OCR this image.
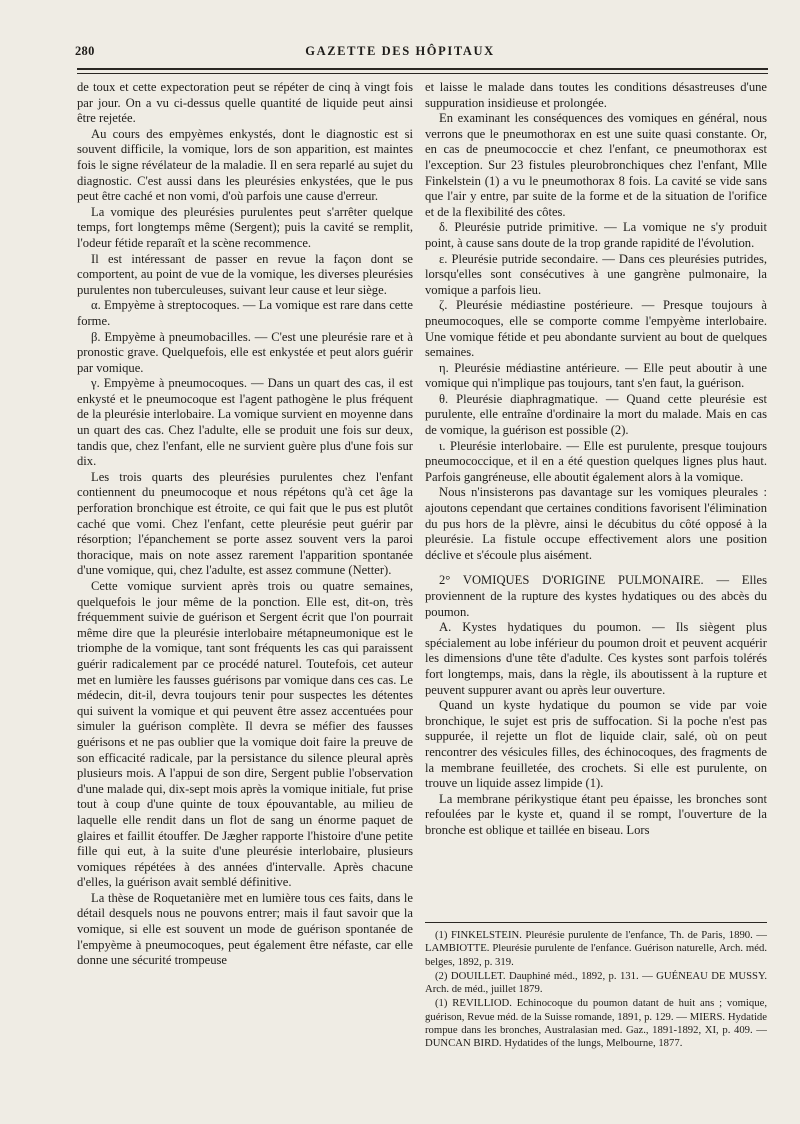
280	GAZETTE DES HÔPITAUX

de toux et cette expectoration peut se répéter de cinq à vingt fois par jour. On a vu ci-dessus quelle quantité de liquide peut ainsi être rejetée.

Au cours des empyèmes enkystés, dont le diagnostic est si souvent difficile, la vomique, lors de son apparition, est maintes fois le signe révélateur de la maladie. Il en sera reparlé au sujet du diagnostic. C'est aussi dans les pleurésies enkystées, que le pus peut être caché et non vomi, d'où parfois une cause d'erreur.

La vomique des pleurésies purulentes peut s'arrêter quelque temps, fort longtemps même (Sergent); puis la cavité se remplit, l'odeur fétide reparaît et la scène recommence.

Il est intéressant de passer en revue la façon dont se comportent, au point de vue de la vomique, les diverses pleurésies purulentes non tuberculeuses, suivant leur cause et leur siège.

α. Empyème à streptocoques. — La vomique est rare dans cette forme.

β. Empyème à pneumobacilles. — C'est une pleurésie rare et à pronostic grave. Quelquefois, elle est enkystée et peut alors guérir par vomique.

γ. Empyème à pneumocoques. — Dans un quart des cas, il est enkysté et le pneumocoque est l'agent pathogène le plus fréquent de la pleurésie interlobaire. La vomique survient en moyenne dans un quart des cas. Chez l'adulte, elle se produit une fois sur deux, tandis que, chez l'enfant, elle ne survient guère plus d'une fois sur dix.

Les trois quarts des pleurésies purulentes chez l'enfant contiennent du pneumocoque et nous répétons qu'à cet âge la perforation bronchique est étroite, ce qui fait que le pus est plutôt caché que vomi. Chez l'enfant, cette pleurésie peut guérir par résorption; l'épanchement se porte assez souvent vers la paroi thoracique, mais on note assez rarement l'apparition spontanée d'une vomique, qui, chez l'adulte, est assez commune (Netter).

Cette vomique survient après trois ou quatre semaines, quelquefois le jour même de la ponction. Elle est, dit-on, très fréquemment suivie de guérison et Sergent écrit que l'on pourrait même dire que la pleurésie interlobaire métapneumonique est le triomphe de la vomique, tant sont fréquents les cas qui paraissent guérir radicalement par ce procédé naturel. Toutefois, cet auteur met en lumière les fausses guérisons par vomique dans ces cas. Le médecin, dit-il, devra toujours tenir pour suspectes les détentes qui suivent la vomique et qui peuvent être assez accentuées pour simuler la guérison complète. Il devra se méfier des fausses guérisons et ne pas oublier que la vomique doit faire la preuve de son efficacité radicale, par la persistance du silence pleural après plusieurs mois. A l'appui de son dire, Sergent publie l'observation d'une malade qui, dix-sept mois après la vomique initiale, fut prise tout à coup d'une quinte de toux épouvantable, au milieu de laquelle elle rendit dans un flot de sang un énorme paquet de glaires et faillit étouffer. De Jægher rapporte l'histoire d'une petite fille qui eut, à la suite d'une pleurésie interlobaire, plusieurs vomiques répétées à des années d'intervalle. Après chacune d'elles, la guérison avait semblé définitive.

La thèse de Roquetanière met en lumière tous ces faits, dans le détail desquels nous ne pouvons entrer; mais il faut savoir que la vomique, si elle est souvent un mode de guérison spontanée de l'empyème à pneumocoques, peut également être néfaste, car elle donne une sécurité trompeuse

et laisse le malade dans toutes les conditions désastreuses d'une suppuration insidieuse et prolongée.

En examinant les conséquences des vomiques en général, nous verrons que le pneumothorax en est une suite quasi constante. Or, en cas de pneumococcie et chez l'enfant, ce pneumothorax est l'exception. Sur 23 fistules pleurobronchiques chez l'enfant, Mlle Finkelstein (1) a vu le pneumothorax 8 fois. La cavité se vide sans que l'air y entre, par suite de la forme et de la situation de l'orifice et de la flexibilité des côtes.

δ. Pleurésie putride primitive. — La vomique ne s'y produit point, à cause sans doute de la trop grande rapidité de l'évolution.

ε. Pleurésie putride secondaire. — Dans ces pleurésies putrides, lorsqu'elles sont consécutives à une gangrène pulmonaire, la vomique a parfois lieu.

ζ. Pleurésie médiastine postérieure. — Presque toujours à pneumocoques, elle se comporte comme l'empyème interlobaire. Une vomique fétide et peu abondante survient au bout de quelques semaines.

η. Pleurésie médiastine antérieure. — Elle peut aboutir à une vomique qui n'implique pas toujours, tant s'en faut, la guérison.

θ. Pleurésie diaphragmatique. — Quand cette pleurésie est purulente, elle entraîne d'ordinaire la mort du malade. Mais en cas de vomique, la guérison est possible (2).

ι. Pleurésie interlobaire. — Elle est purulente, presque toujours pneumococcique, et il en a été question quelques lignes plus haut. Parfois gangréneuse, elle aboutit également alors à la vomique.

Nous n'insisterons pas davantage sur les vomiques pleurales : ajoutons cependant que certaines conditions favorisent l'élimination du pus hors de la plèvre, ainsi le décubitus du côté opposé à la pleurésie. La fistule occupe effectivement alors une position déclive et s'écoule plus aisément.

2° VOMIQUES D'ORIGINE PULMONAIRE. — Elles proviennent de la rupture des kystes hydatiques ou des abcès du poumon.

A. Kystes hydatiques du poumon. — Ils siègent plus spécialement au lobe inférieur du poumon droit et peuvent acquérir les dimensions d'une tête d'adulte. Ces kystes sont parfois tolérés fort longtemps, mais, dans la règle, ils aboutissent à la rupture et peuvent suppurer avant ou après leur ouverture.

Quand un kyste hydatique du poumon se vide par voie bronchique, le sujet est pris de suffocation. Si la poche n'est pas suppurée, il rejette un flot de liquide clair, salé, où on peut rencontrer des vésicules filles, des échinocoques, des fragments de la membrane feuilletée, des crochets. Si elle est purulente, on trouve un liquide assez limpide (1).

La membrane périkystique étant peu épaisse, les bronches sont refoulées par le kyste et, quand il se rompt, l'ouverture de la bronche est oblique et taillée en biseau. Lors

(1) FINKELSTEIN. Pleurésie purulente de l'enfance, Th. de Paris, 1890. — LAMBIOTTE. Pleurésie purulente de l'enfance. Guérison naturelle, Arch. méd. belges, 1892, p. 319.

(2) DOUILLET. Dauphiné méd., 1892, p. 131. — GUÉNEAU DE MUSSY. Arch. de méd., juillet 1879.

(1) REVILLIOD. Echinocoque du poumon datant de huit ans ; vomique, guérison, Revue méd. de la Suisse romande, 1891, p. 129. — MIERS. Hydatide rompue dans les bronches, Australasian med. Gaz., 1891-1892, XI, p. 409. — DUNCAN BIRD. Hydatides of the lungs, Melbourne, 1877.
